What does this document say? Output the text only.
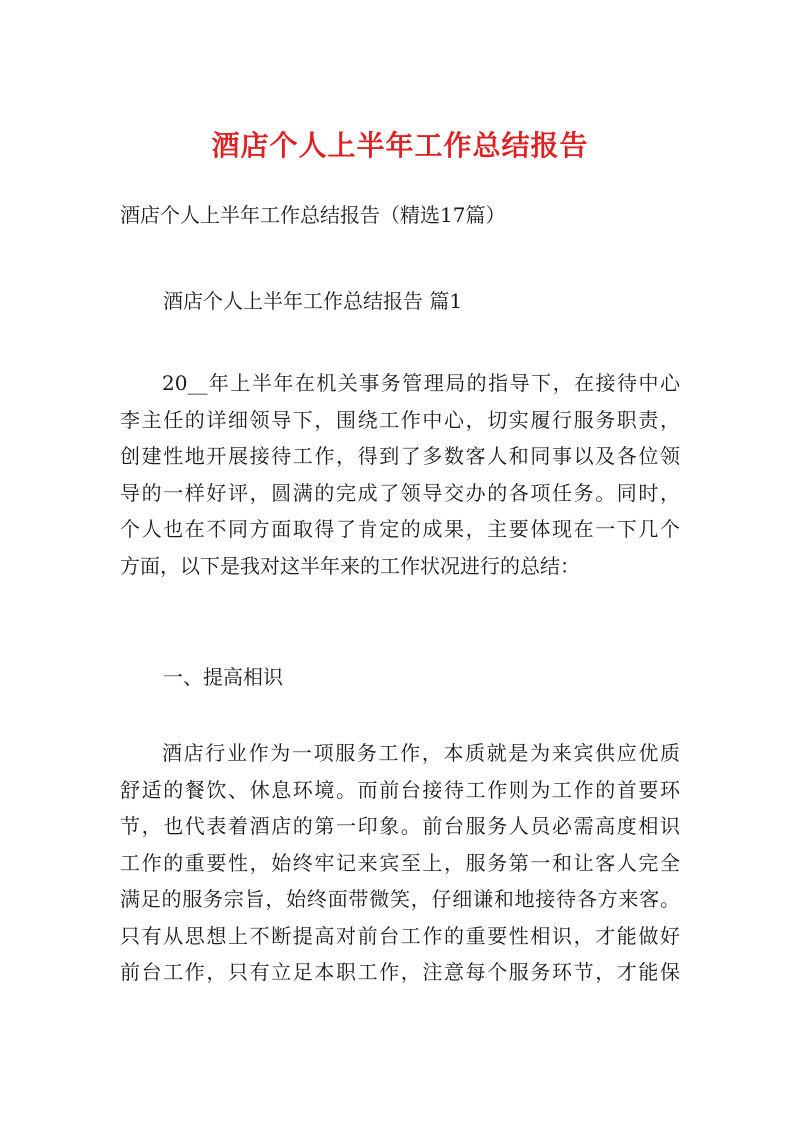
酒店个人上半年工作总结报告
酒店个人上半年工作总结报告（精选17篇）
酒店个人上半年工作总结报告 篇1

20__年上半年在机关事务管理局的指导下，在接待中心
李主任的详细领导下，围绕工作中心，切实履行服务职责，
创建性地开展接待工作，得到了多数客人和同事以及各位领
导的一样好评，圆满的完成了领导交办的各项任务。同时，
个人也在不同方面取得了肯定的成果，主要体现在一下几个
方面，以下是我对这半年来的工作状况进行的总结：

一、提高相识

酒店行业作为一项服务工作，本质就是为来宾供应优质
舒适的餐饮、休息环境。而前台接待工作则为工作的首要环
节，也代表着酒店的第一印象。前台服务人员必需高度相识
工作的重要性，始终牢记来宾至上，服务第一和让客人完全
满足的服务宗旨，始终面带微笑，仔细谦和地接待各方来客。
只有从思想上不断提高对前台工作的重要性相识，才能做好
前台工作，只有立足本职工作，注意每个服务环节，才能保
